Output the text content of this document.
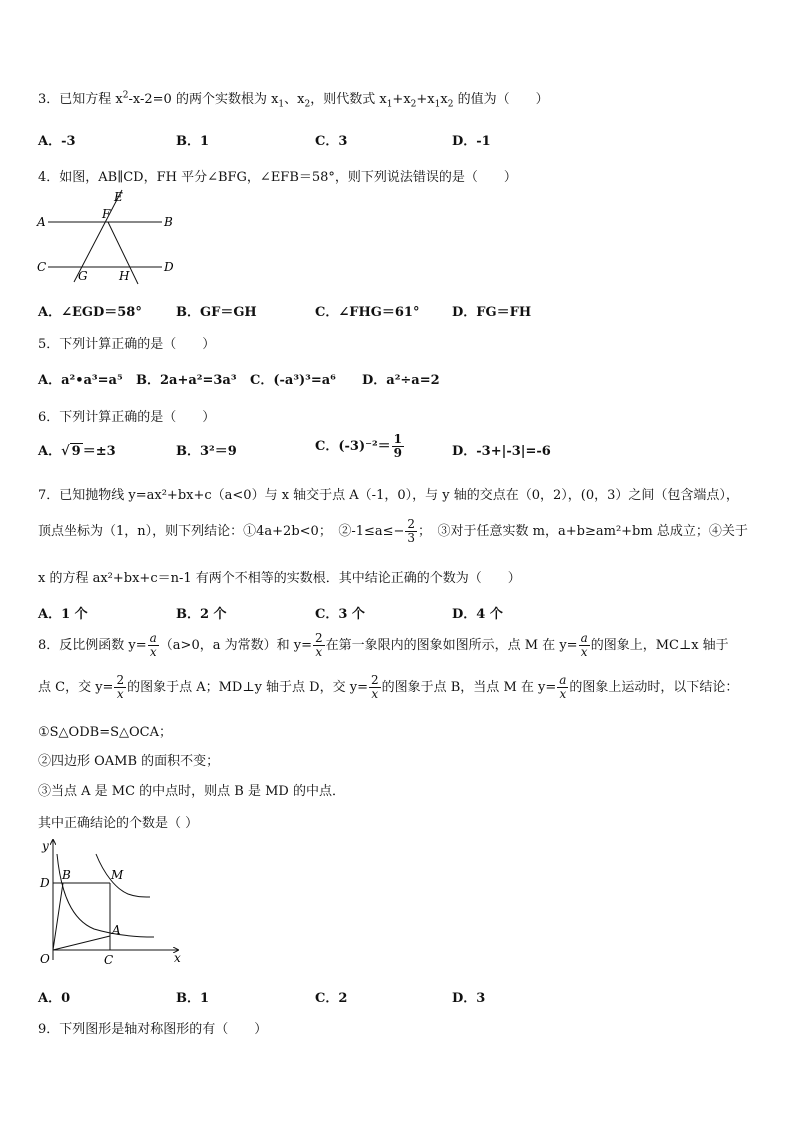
3．已知方程 $x^2-x-2=0$ 的两个实数根为 $x_1$、$x_2$，则代数式 $x_1+x_2+x_1x_2$ 的值为（　　）
A．-3	B．1	C．3	D．-1
4．如图，AB∥CD，FH 平分∠BFG，∠EFB＝58°，则下列说法错误的是（　　）
E
F
A	B
C
G	H
D
A．∠EGD＝58°	B．GF＝GH	C．∠FHG＝61°	D．FG＝FH
5．下列计算正确的是（　　）
A．a²•a³=a⁵ B．2a+a²=3a³ C．(-a³)³=a⁶ D．a²÷a=2
6．下列计算正确的是（　　）
A．√ 9 ＝±3	B．3²＝9	C．$(-3)^{-2}= \frac{1}{9}$	D．-3+|-3|=-6
7．已知抛物线 y=ax²+bx+c（a<0）与 x 轴交于点 A（-1，0），与 y 轴的交点在（0，2），(0，3）之间（包含端点），
顶点坐标为（1，n），则下列结论：①4a+2b<0；　②-1≤a≤− $\frac{2}{3}$ ；　③对于任意实数 m，a+b≥am²+bm 总成立；④关于
x 的方程 ax²+bx+c＝n-1 有两个不相等的实数根．其中结论正确的个数为（　　）
A．1 个	B．2 个	C．3 个	D．4 个
8．反比例函数 $y= \frac{a}{x} (a>0$，a 为常数）和 $y= \frac{2}{x}$ 在第一象限内的图象如图所示，点 M 在 $y= \frac{a}{x}$ 的图象上，MC⊥x 轴于
点 C，交 $y= \frac{2}{x}$ 的图象于点 A；MD⊥y 轴于点 D，交 $y= \frac{2}{x}$ 的图象于点 B，当点 M 在 $y= \frac{a}{x}$ 的图象上运动时，以下结论：
①S△ODB=S△OCA；
②四边形 OAMB 的面积不变；
③当点 A 是 MC 的中点时，则点 B 是 MD 的中点．
其中正确结论的个数是（ ）
y
x
O
D
B	M
A
C
A．0	B．1	C．2	D．3
9．下列图形是轴对称图形的有（　　）
